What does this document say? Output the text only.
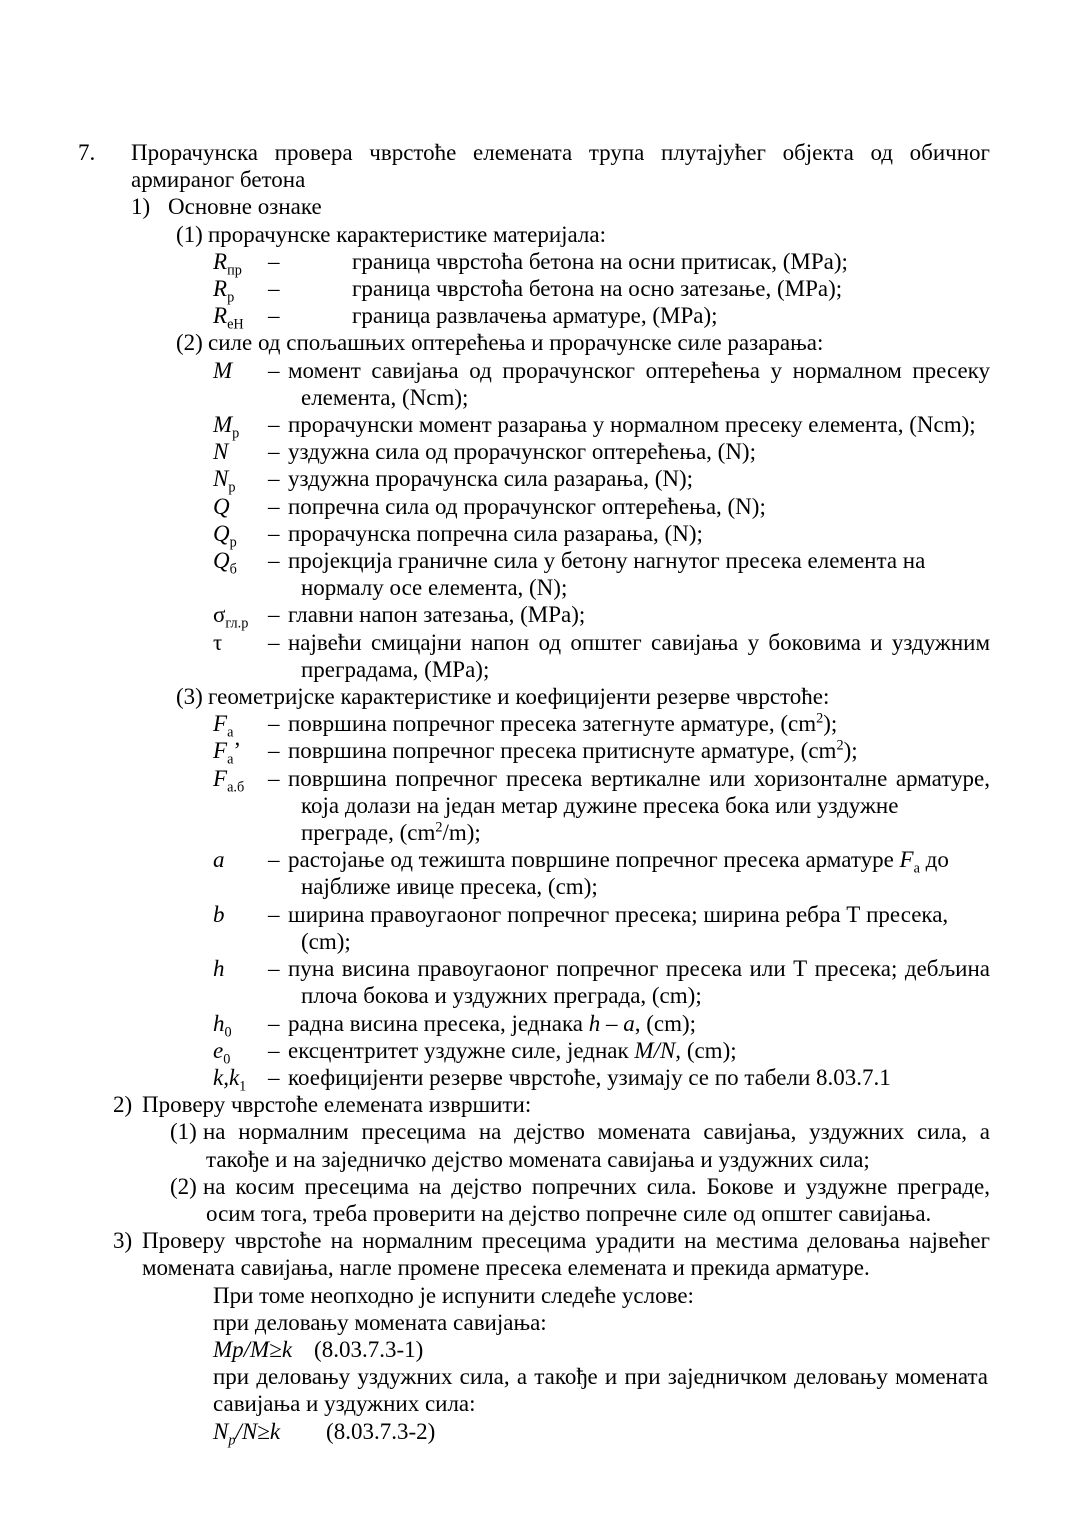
7. Прорачунска провера чврстоће елемената трупа плутајућег објекта од обичног
армираног бетона
1) Основне ознаке
(1) прорачунске карактеристике материјала:
$R_{пр}$	–	граница чврстоћа бетона на осни притисак, (MPa);
$R_р$	–	граница чврстоћа бетона на осно затезање, (MPa);
$R_{еН}$	–	граница развлачења арматуре, (MPa);
(2) силе од спољашњих оптерећења и прорачунске силе разарања:
M	– момент савијања од прорачунског оптерећења у нормалном пресеку
елемента, (Ncm);
$M_р$	– прорачунски момент разарања у нормалном пресеку елемента, (Ncm);
N	– уздужна сила од прорачунског оптерећења, (N);
$N_р$	– уздужна прорачунска сила разарања, (N);
Q	– попречна сила од прорачунског оптерећења, (N);
$Q_р$	– прорачунска попречна сила разарања, (N);
$Q_б$	– пројекција граничне сила у бетону нагнутог пресека елемента на
нормалу осе елемента, (N);
$\sigma_{гл.р}$ – главни напон затезања, (MPa);
τ	– највећи смицајни напон од општег савијања у боковима и уздужним
преградама, (MPa);
(3) геометријске карактеристике и коефицијенти резерве чврстоће:
$F_а$	– површина попречног пресека затегнуте арматуре, $(cm^2)$;
$F_а$’	– површина попречног пресека притиснуте арматуре, $(cm^2)$;
$F_{а.б}$	– површина попречног пресека вертикалне или хоризонталне арматуре,
која долази на један метар дужине пресека бока или уздужне
преграде, $(cm^2/m)$;
a	– растојање од тежишта површине попречног пресека арматуре $F_а$ до
најближе ивице пресека, (cm);
b	– ширина правоугаоног попречног пресека; ширина ребра Т пресека,
(cm);
h	– пуна висина правоугаоног попречног пресека или Т пресека; дебљина
плоча бокова и уздужних преграда, (cm);
$h_0$	– радна висина пресека, једнака h – a, (cm);
$e_0$	– ексцентритет уздужне силе, једнак M/N, (cm);
$k,k_1$ – коефицијенти резерве чврстоће, узимају се по табели 8.03.7.1
2) Проверу чврстоће елемената извршити:
(1) на нормалним пресецима на дејство момената савијања, уздужних сила, а
такође и на заједничко дејство момената савијања и уздужних сила;
(2) на косим пресецима на дејство попречних сила. Бокове и уздужне преграде,
осим тога, треба проверити на дејство попречне силе од општег савијања.
3) Проверу чврстоће на нормалним пресецима урадити на местима деловања највећег
момената савијања, нагле промене пресека елемената и прекида арматуре.
При томе неопходно је испунити следеће услове:
при деловању момената савијања:
Mp/M≥k (8.03.7.3-1)
при деловању уздужних сила, а такође и при заједничком деловању момената
савијања и уздужних сила:
$N_p/N\ge k$ (8.03.7.3-2)
